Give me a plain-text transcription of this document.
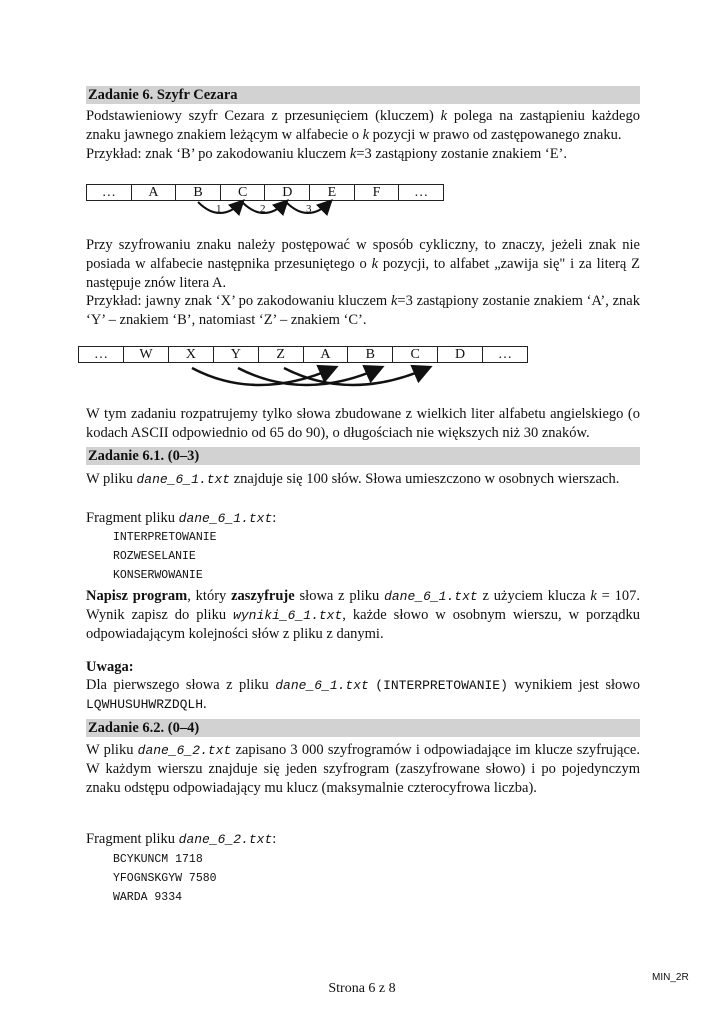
Zadanie 6. Szyfr Cezara
Podstawieniowy szyfr Cezara z przesunięciem (kluczem) k polega na zastąpieniu każdego znaku jawnego znakiem leżącym w alfabecie o k pozycji w prawo od zastępowanego znaku.
Przykład: znak ‘B’ po zakodowaniu kluczem k=3 zastąpiony zostanie znakiem ‘E’.
…	A	B	C	D	E	F	…
1	2	3
Przy szyfrowaniu znaku należy postępować w sposób cykliczny, to znaczy, jeżeli znak nie posiada w alfabecie następnika przesuniętego o k pozycji, to alfabet „zawija się" i za literą Z następuje znów litera A.
Przykład: jawny znak ‘X’ po zakodowaniu kluczem k=3 zastąpiony zostanie znakiem ‘A’, znak ‘Y’ – znakiem ‘B’, natomiast ‘Z’ – znakiem ‘C’.
…	W	X	Y	Z	A	B	C	D	…
W tym zadaniu rozpatrujemy tylko słowa zbudowane z wielkich liter alfabetu angielskiego (o kodach ASCII odpowiednio od 65 do 90), o długościach nie większych niż 30 znaków.
Zadanie 6.1. (0–3)
W pliku dane_6_1.txt znajduje się 100 słów. Słowa umieszczono w osobnych wierszach.
Fragment pliku dane_6_1.txt:
INTERPRETOWANIE
ROZWESELANIE
KONSERWOWANIE
Napisz program, który zaszyfruje słowa z pliku dane_6_1.txt z użyciem klucza k = 107. Wynik zapisz do pliku wyniki_6_1.txt, każde słowo w osobnym wierszu, w porządku odpowiadającym kolejności słów z pliku z danymi.
Uwaga:
Dla pierwszego słowa z pliku dane_6_1.txt (INTERPRETOWANIE) wynikiem jest słowo LQWHUSUHWRZDQLH.
Zadanie 6.2. (0–4)
W pliku dane_6_2.txt zapisano 3 000 szyfrogramów i odpowiadające im klucze szyfrujące. W każdym wierszu znajduje się jeden szyfrogram (zaszyfrowane słowo) i po pojedynczym znaku odstępu odpowiadający mu klucz (maksymalnie czterocyfrowa liczba).
Fragment pliku dane_6_2.txt:
BCYKUNCM 1718
YFOGNSKGYW 7580
WARDA 9334
MIN_2R
Strona 6 z 8
